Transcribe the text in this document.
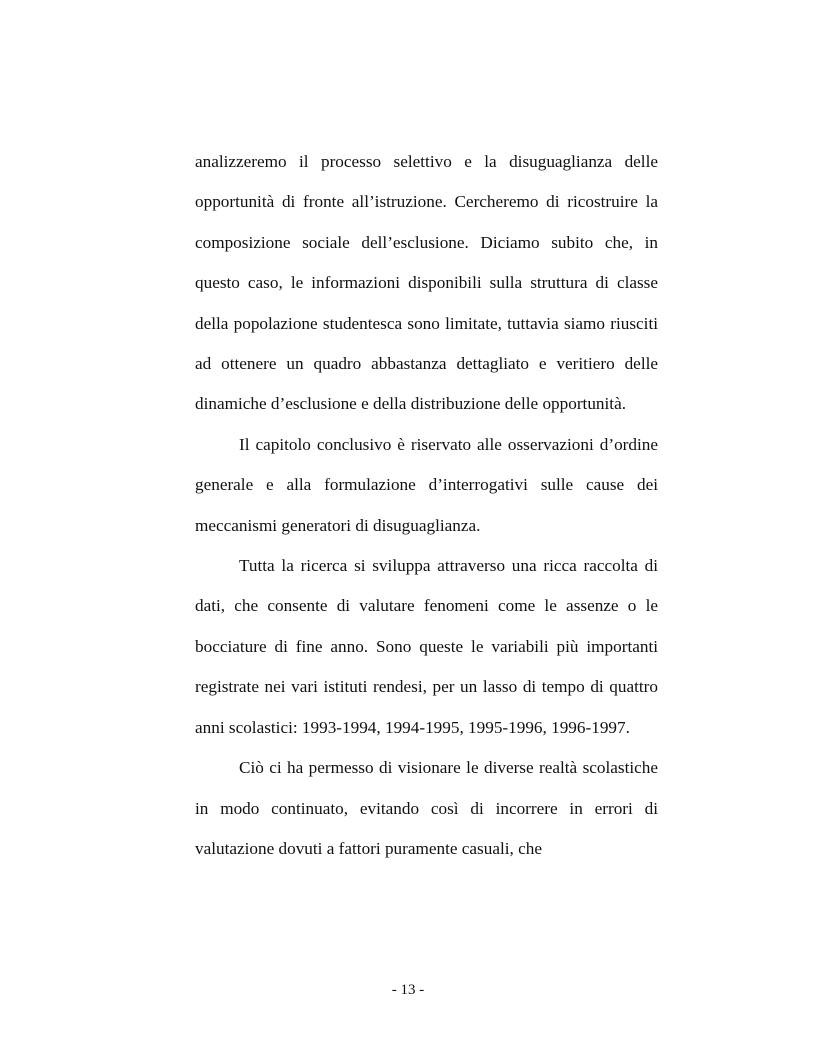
analizzeremo il processo selettivo e la disuguaglianza delle opportunità di fronte all’istruzione. Cercheremo di ricostruire la composizione sociale dell’esclusione. Diciamo subito che, in questo caso, le informazioni disponibili sulla struttura di classe della popolazione studentesca sono limitate, tuttavia siamo riusciti ad ottenere un quadro abbastanza dettagliato e veritiero delle dinamiche d’esclusione e della distribuzione delle opportunità.

Il capitolo conclusivo è riservato alle osservazioni d’ordine generale e alla formulazione d’interrogativi sulle cause dei meccanismi generatori di disuguaglianza.

Tutta la ricerca si sviluppa attraverso una ricca raccolta di dati, che consente di valutare fenomeni come le assenze o le bocciature di fine anno. Sono queste le variabili più importanti registrate nei vari istituti rendesi, per un lasso di tempo di quattro anni scolastici: 1993-1994, 1994-1995, 1995-1996, 1996-1997.

Ciò ci ha permesso di visionare le diverse realtà scolastiche in modo continuato, evitando così di incorrere in errori di valutazione dovuti a fattori puramente casuali, che

- 13 -
